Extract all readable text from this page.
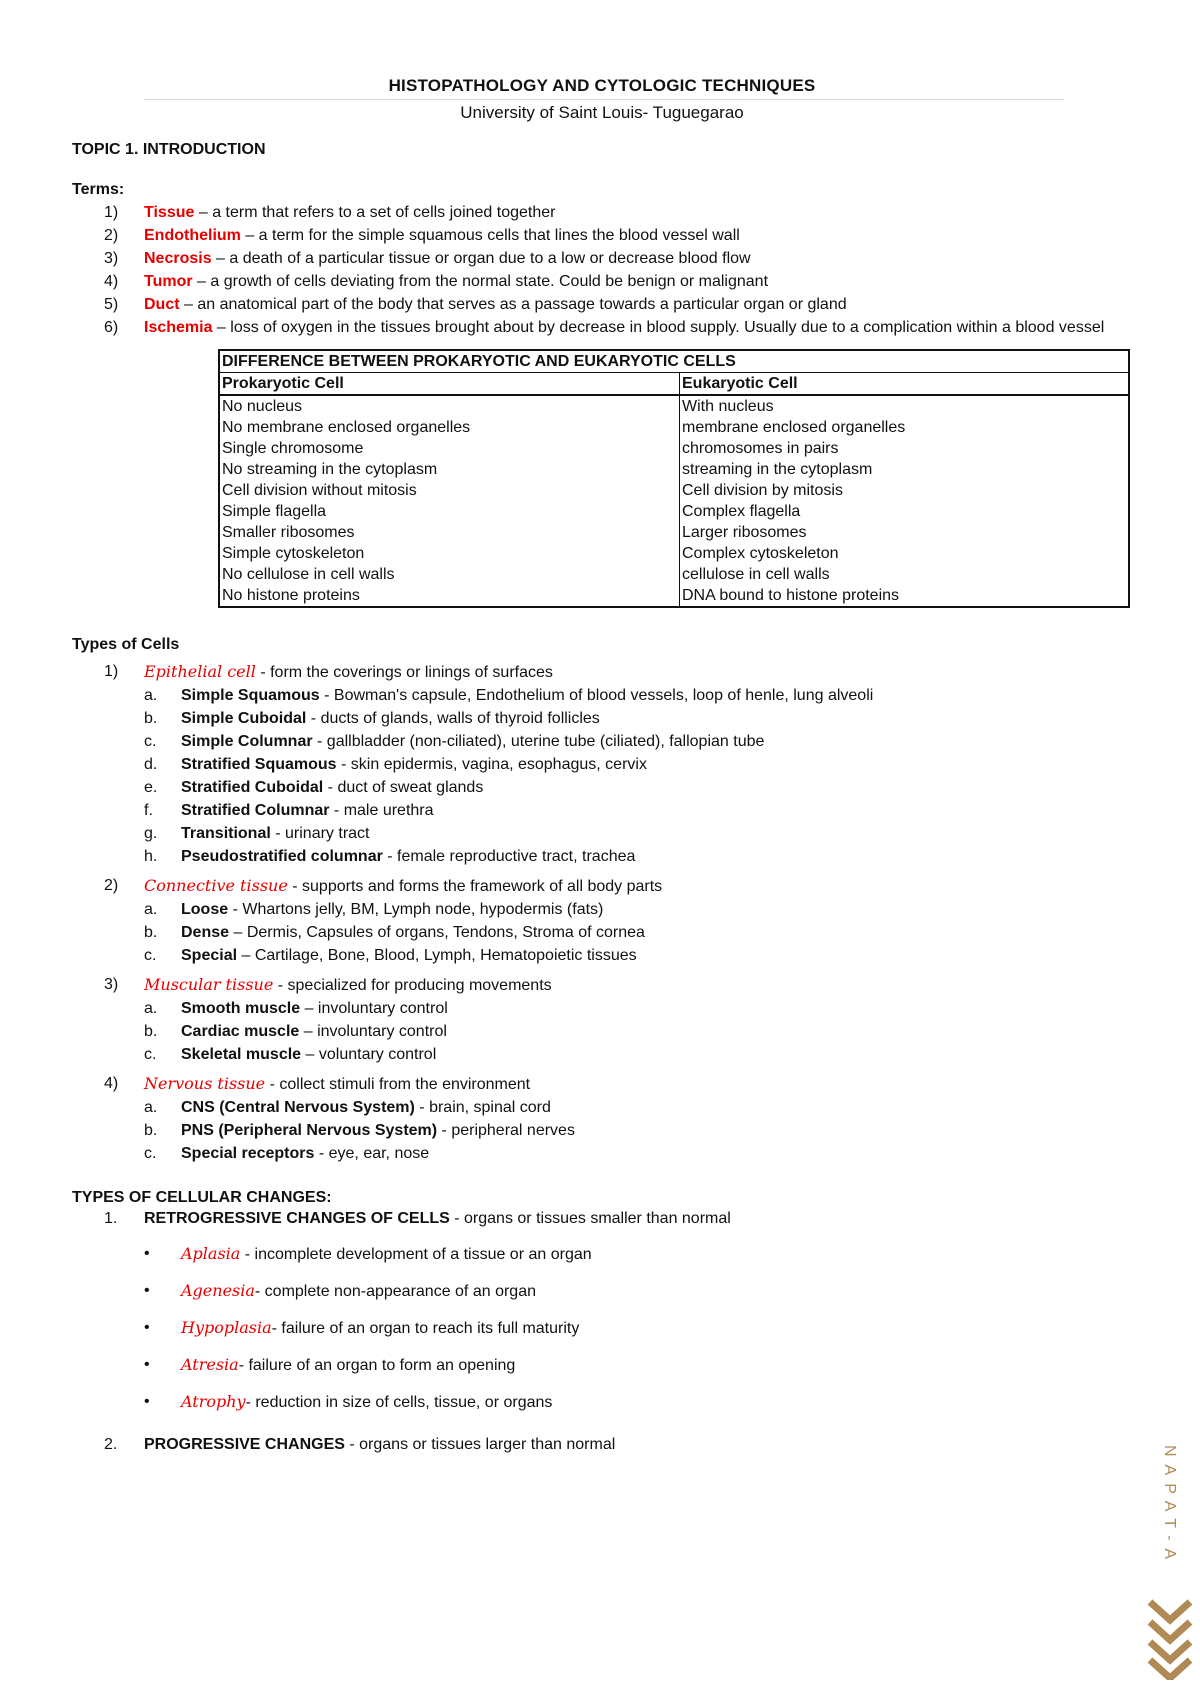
HISTOPATHOLOGY AND CYTOLOGIC TECHNIQUES

University of Saint Louis- Tuguegarao

TOPIC 1. INTRODUCTION

Terms:

1) Tissue – a term that refers to a set of cells joined together
2) Endothelium – a term for the simple squamous cells that lines the blood vessel wall
3) Necrosis – a death of a particular tissue or organ due to a low or decrease blood flow
4) Tumor – a growth of cells deviating from the normal state. Could be benign or malignant
5) Duct – an anatomical part of the body that serves as a passage towards a particular organ or gland
6) Ischemia – loss of oxygen in the tissues brought about by decrease in blood supply. Usually due to a complication within a blood vessel
DIFFERENCE BETWEEN PROKARYOTIC AND EUKARYOTIC CELLS	
Prokaryotic Cell	Eukaryotic Cell
No nucleus	With nucleus
No membrane enclosed organelles	membrane enclosed organelles
Single chromosome	chromosomes in pairs
No streaming in the cytoplasm	streaming in the cytoplasm
Cell division without mitosis	Cell division by mitosis
Simple flagella	Complex flagella
Smaller ribosomes	Larger ribosomes
Simple cytoskeleton	Complex cytoskeleton
No cellulose in cell walls	cellulose in cell walls
No histone proteins	DNA bound to histone proteins

Types of Cells

1) Epithelial cell - form the coverings or linings of surfaces
a. Simple Squamous - Bowman's capsule, Endothelium of blood vessels, loop of henle, lung alveoli
b. Simple Cuboidal - ducts of glands, walls of thyroid follicles
c. Simple Columnar - gallbladder (non-ciliated), uterine tube (ciliated), fallopian tube
d. Stratified Squamous - skin epidermis, vagina, esophagus, cervix
e. Stratified Cuboidal - duct of sweat glands
f. Stratified Columnar - male urethra
g. Transitional - urinary tract
h. Pseudostratified columnar - female reproductive tract, trachea
2) Connective tissue - supports and forms the framework of all body parts
a. Loose - Whartons jelly, BM, Lymph node, hypodermis (fats)
b. Dense – Dermis, Capsules of organs, Tendons, Stroma of cornea
c. Special – Cartilage, Bone, Blood, Lymph, Hematopoietic tissues
3) Muscular tissue - specialized for producing movements
a. Smooth muscle – involuntary control
b. Cardiac muscle – involuntary control
c. Skeletal muscle – voluntary control
4) Nervous tissue - collect stimuli from the environment
a. CNS (Central Nervous System) - brain, spinal cord
b. PNS (Peripheral Nervous System) - peripheral nerves
c. Special receptors - eye, ear, nose

TYPES OF CELLULAR CHANGES:

1. RETROGRESSIVE CHANGES OF CELLS - organs or tissues smaller than normal
• Aplasia - incomplete development of a tissue or an organ
• Agenesia- complete non-appearance of an organ
• Hypoplasia- failure of an organ to reach its full maturity
• Atresia- failure of an organ to form an opening
• Atrophy- reduction in size of cells, tissue, or organs
2. PROGRESSIVE CHANGES - organs or tissues larger than normal
NAPAT-A
